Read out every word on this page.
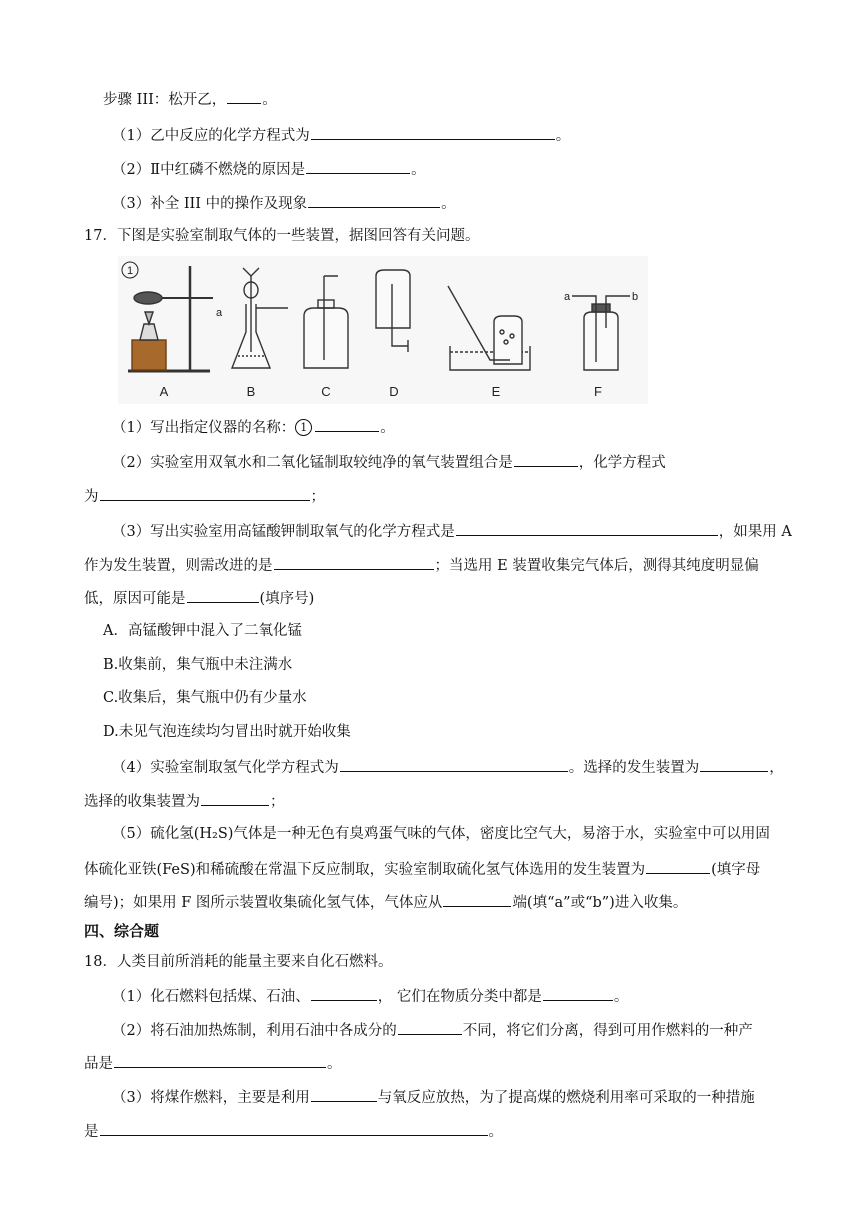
步骤 III：松开乙， 。
（1）乙中反应的化学方程式为	。
（2）Ⅱ中红磷不燃烧的原因是	。
（3）补全 III 中的操作及现象	。
17．下图是实验室制取气体的一些装置，据图回答有关问题。
A	B	C	D	E	F
1
a
a	b
（1）写出指定仪器的名称： 1	。
（2）实验室用双氧水和二氧化锰制取较纯净的氧气装置组合是	，化学方程式
为	；
（3）写出实验室用高锰酸钾制取氧气的化学方程式是	，如果用 A
作为发生装置，则需改进的是	；当选用 E 装置收集完气体后，测得其纯度明显偏
低，原因可能是	(填序号)
A．高锰酸钾中混入了二氧化锰
B.收集前，集气瓶中未注满水
C.收集后，集气瓶中仍有少量水
D.未见气泡连续均匀冒出时就开始收集
（4）实验室制取氢气化学方程式为	。选择的发生装置为	，
选择的收集装置为	；
（5）硫化氢(H₂S)气体是一种无色有臭鸡蛋气味的气体，密度比空气大，易溶于水，实验室中可以用固
体硫化亚铁(FeS)和稀硫酸在常温下反应制取，实验室制取硫化氢气体选用的发生装置为	(填字母
编号)；如果用 F 图所示装置收集硫化氢气体，气体应从	端(填“a”或“b”)进入收集。
四、综合题
18．人类目前所消耗的能量主要来自化石燃料。
（1）化石燃料包括煤、石油、	， 它们在物质分类中都是	。
（2）将石油加热炼制，利用石油中各成分的	不同，将它们分离，得到可用作燃料的一种产
品是	。
（3）将煤作燃料，主要是利用	与氧反应放热，为了提高煤的燃烧利用率可采取的一种措施
是	。
